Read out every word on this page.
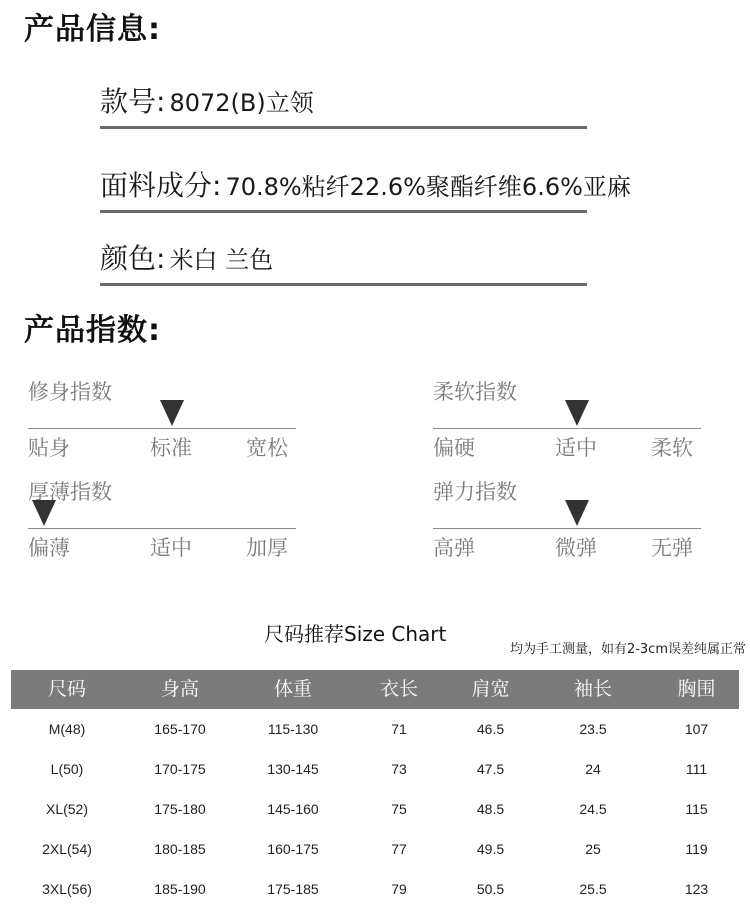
产品信息:
款号: 8072(B)立领
面料成分: 70.8%粘纤22.6%聚酯纤维6.6%亚麻
颜色: 米白 兰色
产品指数:
修身指数
贴身	标准	宽松
柔软指数
偏硬	适中	柔软
厚薄指数
偏薄	适中	加厚
弹力指数
高弹	微弹	无弹
尺码推荐Size Chart
均为手工测量，如有2-3cm误差纯属正常
尺码	身高	体重	衣长	肩宽	袖长	胸围
M(48)	165-170	115-130	71	46.5	23.5	107
L(50)	170-175	130-145	73	47.5	24	111
XL(52)	175-180	145-160	75	48.5	24.5	115
2XL(54)	180-185	160-175	77	49.5	25	119
3XL(56)	185-190	175-185	79	50.5	25.5	123
